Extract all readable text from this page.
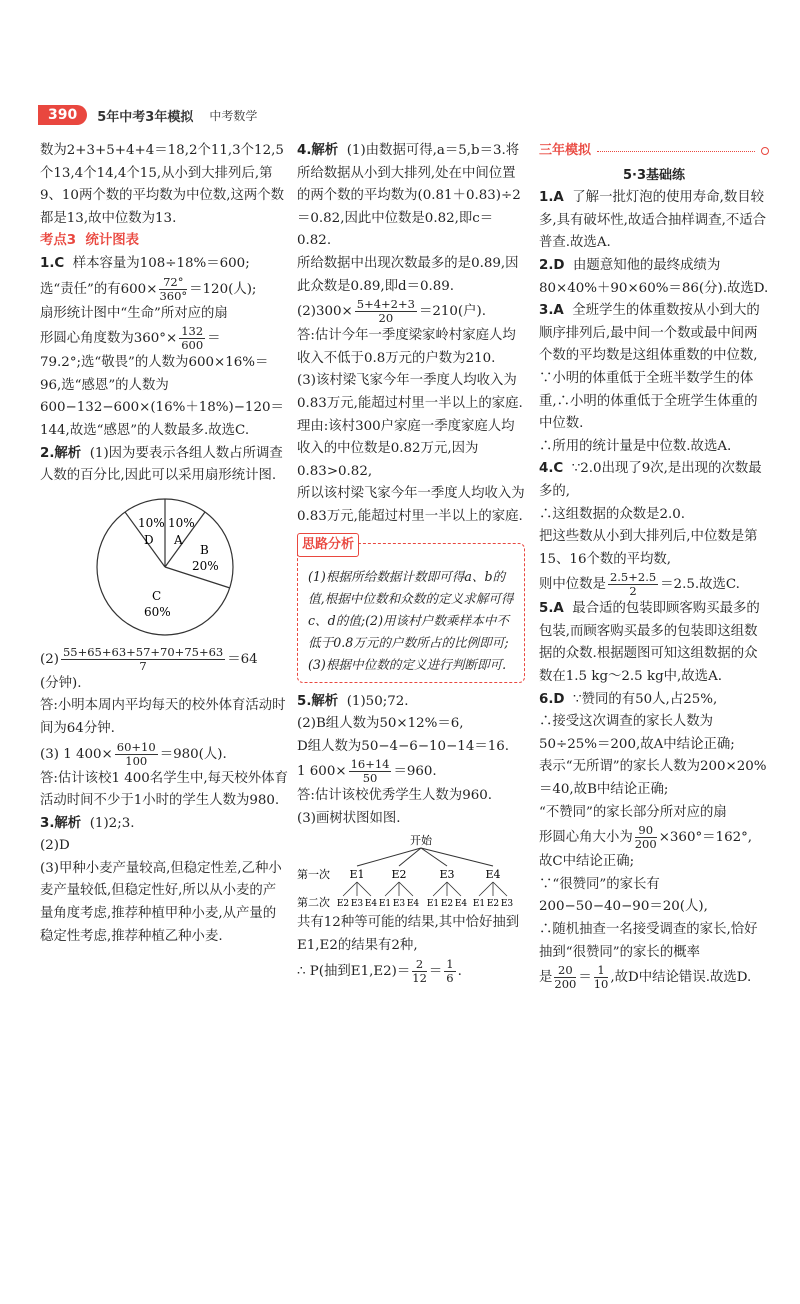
390	5年中考3年模拟 中考数学

数为2+3+5+4+4＝18,2个11,3个12,5个13,4个14,4个15,从小到大排列后,第9、10两个数的平均数为中位数,这两个数都是13,故中位数为13.

考点3 统计图表

1.C 样本容量为108÷18%＝600;

选“责任”的有$600\times \frac{72^\circ}{360^\circ} =120$(人);

扇形统计图中“生命”所对应的扇

形圆心角度数为$360^\circ\times \frac{132}{600}$ ＝

79.2°;选“敬畏”的人数为600×16%＝96,选“感恩”的人数为600−132−600×(16%＋18%)−120＝144,故选“感恩”的人数最多.故选C.

2.解析 (1)因为要表示各组人数占所调查人数的百分比,因此可以采用扇形统计图.

10%
D
10%
A
B
20%
C
60%

$(2) \frac{55+65+63+57+70+75+63}{7} =64$

(分钟).

答:小明本周内平均每天的校外体育活动时间为64分钟.

(3) 1 $400\times \frac{60+10}{100} =980$(人).

答:估计该校1 400名学生中,每天校外体育活动时间不少于1小时的学生人数为980.

3.解析 (1)2;3.

(2)D

(3)甲种小麦产量较高,但稳定性差,乙种小麦产量较低,但稳定性好,所以从小麦的产量角度考虑,推荐种植甲种小麦,从产量的稳定性考虑,推荐种植乙种小麦.

4.解析 (1)由数据可得,a＝5,b＝3.将所给数据从小到大排列,处在中间位置的两个数的平均数为(0.81＋0.83)÷2＝0.82,因此中位数是0.82,即c＝0.82.

所给数据中出现次数最多的是0.89,因此众数是0.89,即d＝0.89.

$(2)300\times \frac{5+4+2+3}{20} =210$(户).

答:估计今年一季度梁家岭村家庭人均收入不低于0.8万元的户数为210.

(3)该村梁飞家今年一季度人均收入为0.83万元,能超过村里一半以上的家庭.

理由:该村300户家庭一季度家庭人均收入的中位数是0.82万元,因为0.83>0.82,

所以该村梁飞家今年一季度人均收入为0.83万元,能超过村里一半以上的家庭.

思路分析
(1)根据所给数据计数即可得a、b的值,根据中位数和众数的定义求解可得c、d的值;(2)用该村户数乘样本中不低于0.8万元的户数所占的比例即可;(3)根据中位数的定义进行判断即可.

5.解析 (1)50;72.

(2)B组人数为50×12%＝6,

D组人数为50−4−6−10−14＝16.

1 $600\times \frac{16+14}{50} =960$.

答:估计该校优秀学生人数为960.

(3)画树状图如图.

开始
第一次 E1 E2	E3	E4
第二次 E2 E3 E4 E1 E3 E4 E1 E2 E4 E1 E2 E3

共有12种等可能的结果,其中恰好抽到E1,E2的结果有2种,

∴ P(抽到$E1,E2)= \frac{2}{12} = \frac{1}{6}$ .

三年模拟

5·3基础练

1.A 了解一批灯泡的使用寿命,数目较多,具有破坏性,故适合抽样调查,不适合普查.故选A.

2.D 由题意知他的最终成绩为80×40%＋90×60%＝86(分).故选D.

3.A 全班学生的体重数按从小到大的顺序排列后,最中间一个数或最中间两个数的平均数是这组体重数的中位数,

∵小明的体重低于全班半数学生的体重,∴小明的体重低于全班学生体重的中位数.

∴所用的统计量是中位数.故选A.

4.C ∵2.0出现了9次,是出现的次数最多的,

∴这组数据的众数是2.0.

把这些数从小到大排列后,中位数是第15、16个数的平均数,

则中位数是 $\frac{2.5+2.5}{2} =2.5$.故选C.

5.A 最合适的包装即顾客购买最多的包装,而顾客购买最多的包装即这组数据的众数.根据题图可知这组数据的众数在1.5 kg～2.5 kg中,故选A.

6.D ∵赞同的有50人,占25%,

∴接受这次调查的家长人数为50÷25%＝200,故A中结论正确;

表示“无所谓”的家长人数为200×20%＝40,故B中结论正确;

“不赞同”的家长部分所对应的扇

形圆心角大小为 $\frac{90}{200} \times 360^\circ=162^\circ$,

故C中结论正确;

∵“很赞同”的家长有200−50−40−90＝20(人),

∴随机抽查一名接受调查的家长,恰好抽到“很赞同”的家长的概率

是 $\frac{20}{200} = \frac{1}{10}$ ,故D中结论错误.故选D.
